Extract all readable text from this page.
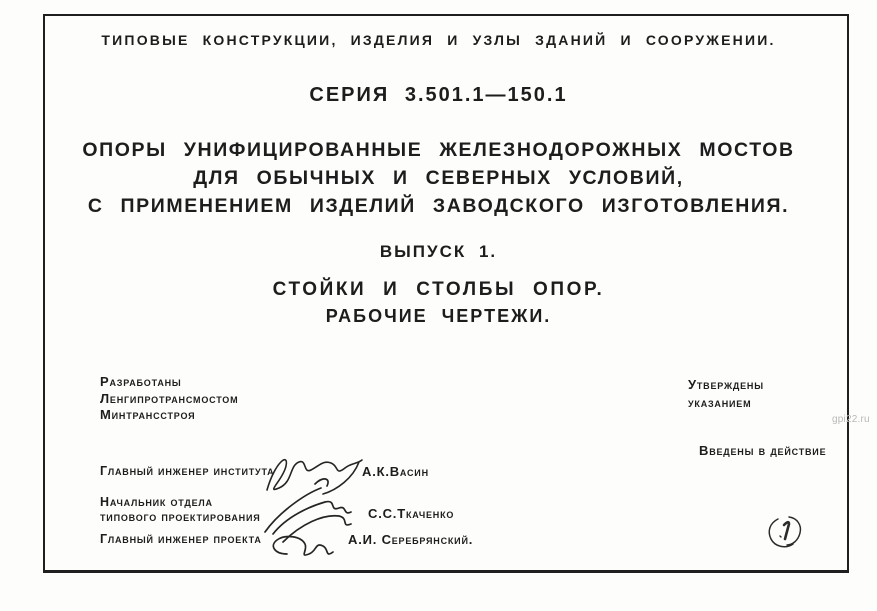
ТИПОВЫЕ КОНСТРУКЦИИ, ИЗДЕЛИЯ И УЗЛЫ ЗДАНИЙ И СООРУЖЕНИИ.
СЕРИЯ 3.501.1—150.1
ОПОРЫ УНИФИЦИРОВАННЫЕ ЖЕЛЕЗНОДОРОЖНЫХ МОСТОВ
ДЛЯ ОБЫЧНЫХ И СЕВЕРНЫХ УСЛОВИЙ,
С ПРИМЕНЕНИЕМ ИЗДЕЛИЙ ЗАВОДСКОГО ИЗГОТОВЛЕНИЯ.
ВЫПУСК 1.
СТОЙКИ И СТОЛБЫ ОПОР.
РАБОЧИЕ ЧЕРТЕЖИ.
Разработаны
Ленгипротрансмостом
Минтрансстроя
Утверждены
указанием
Введены в действие
Главный инженер института	А.К.Васин
Начальник отдела
типового проектирования	С.С.Ткаченко
Главный инженер проекта	А.И. Серебрянский.
gpi22.ru
